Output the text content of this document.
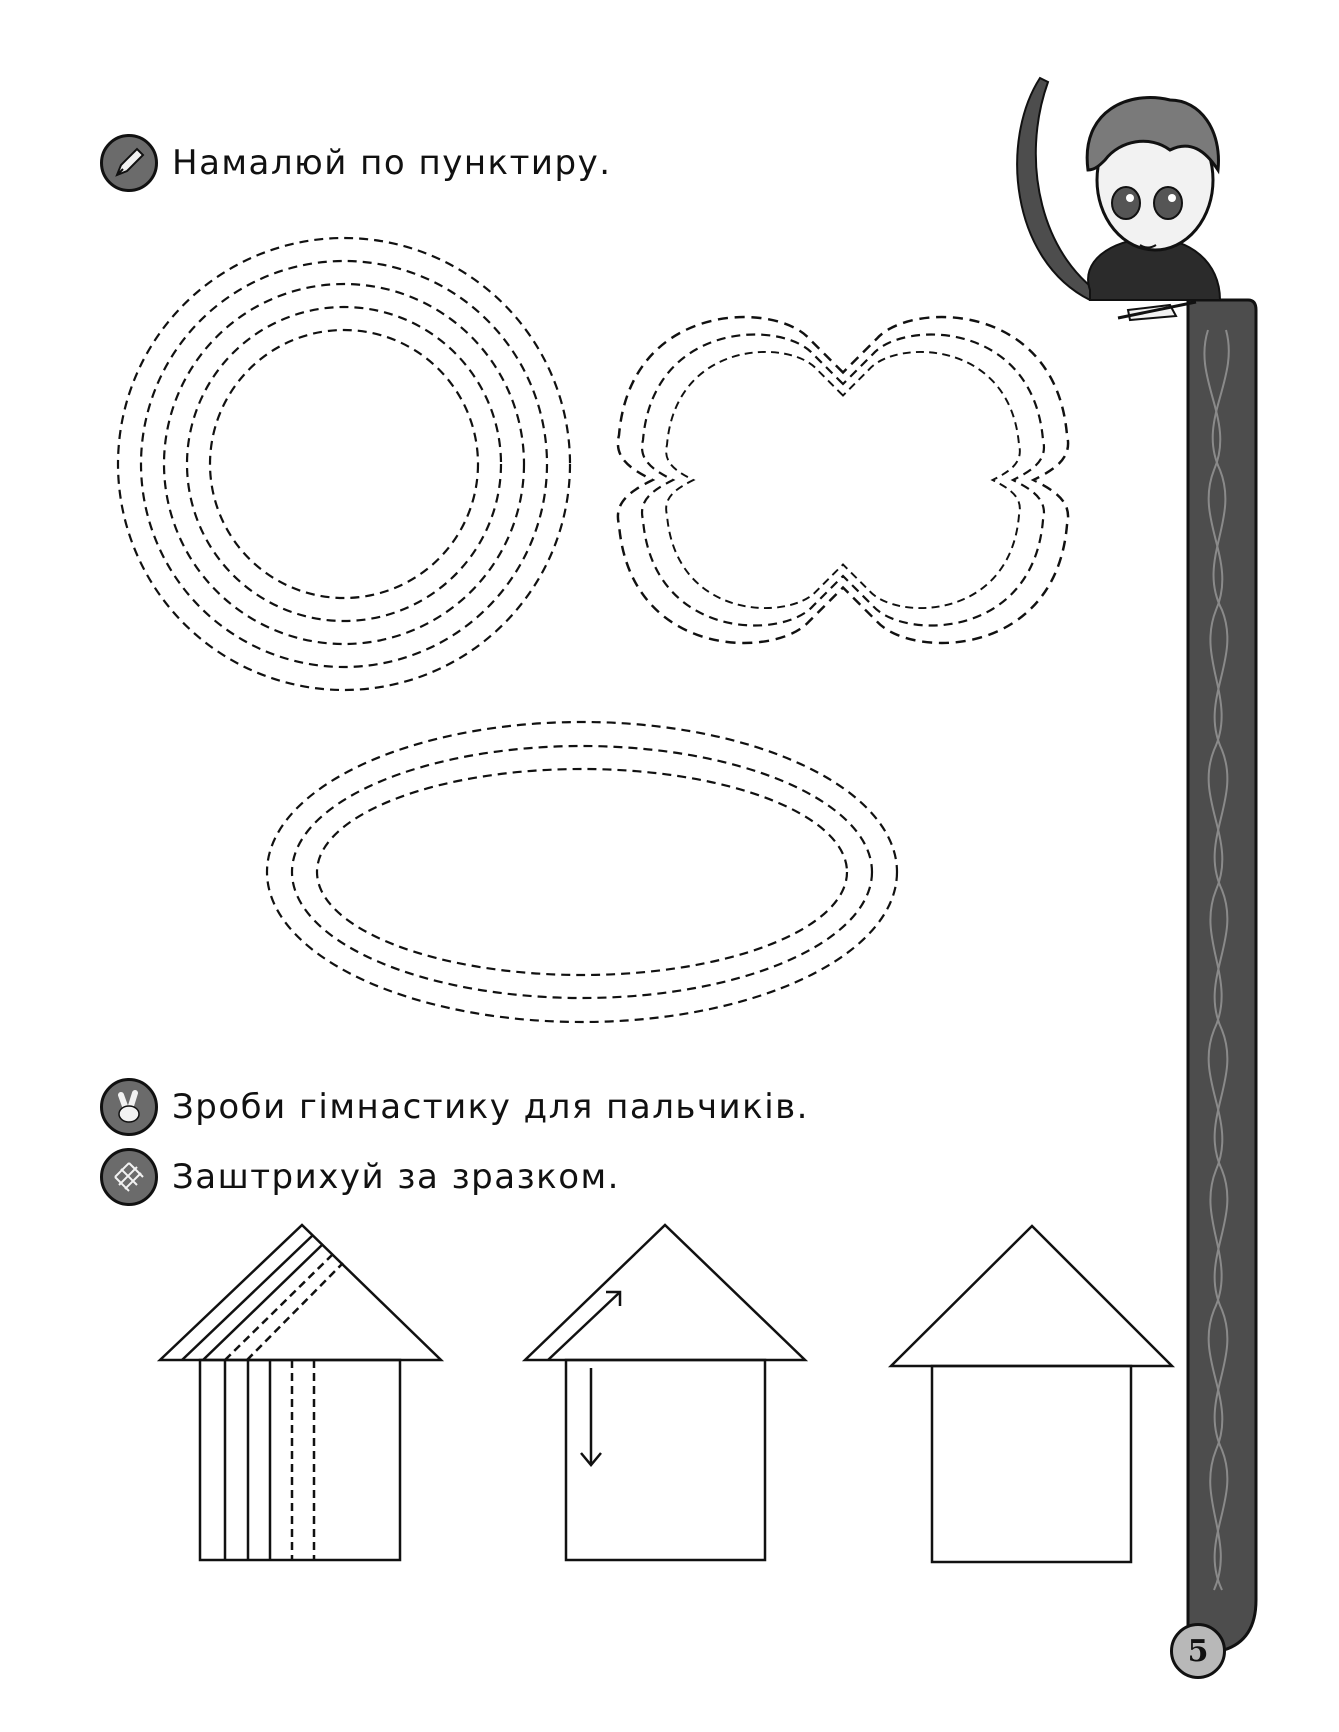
Намалюй по пунктиру.
Зроби гімнастику для пальчиків.
Заштрихуй за зразком.
5
